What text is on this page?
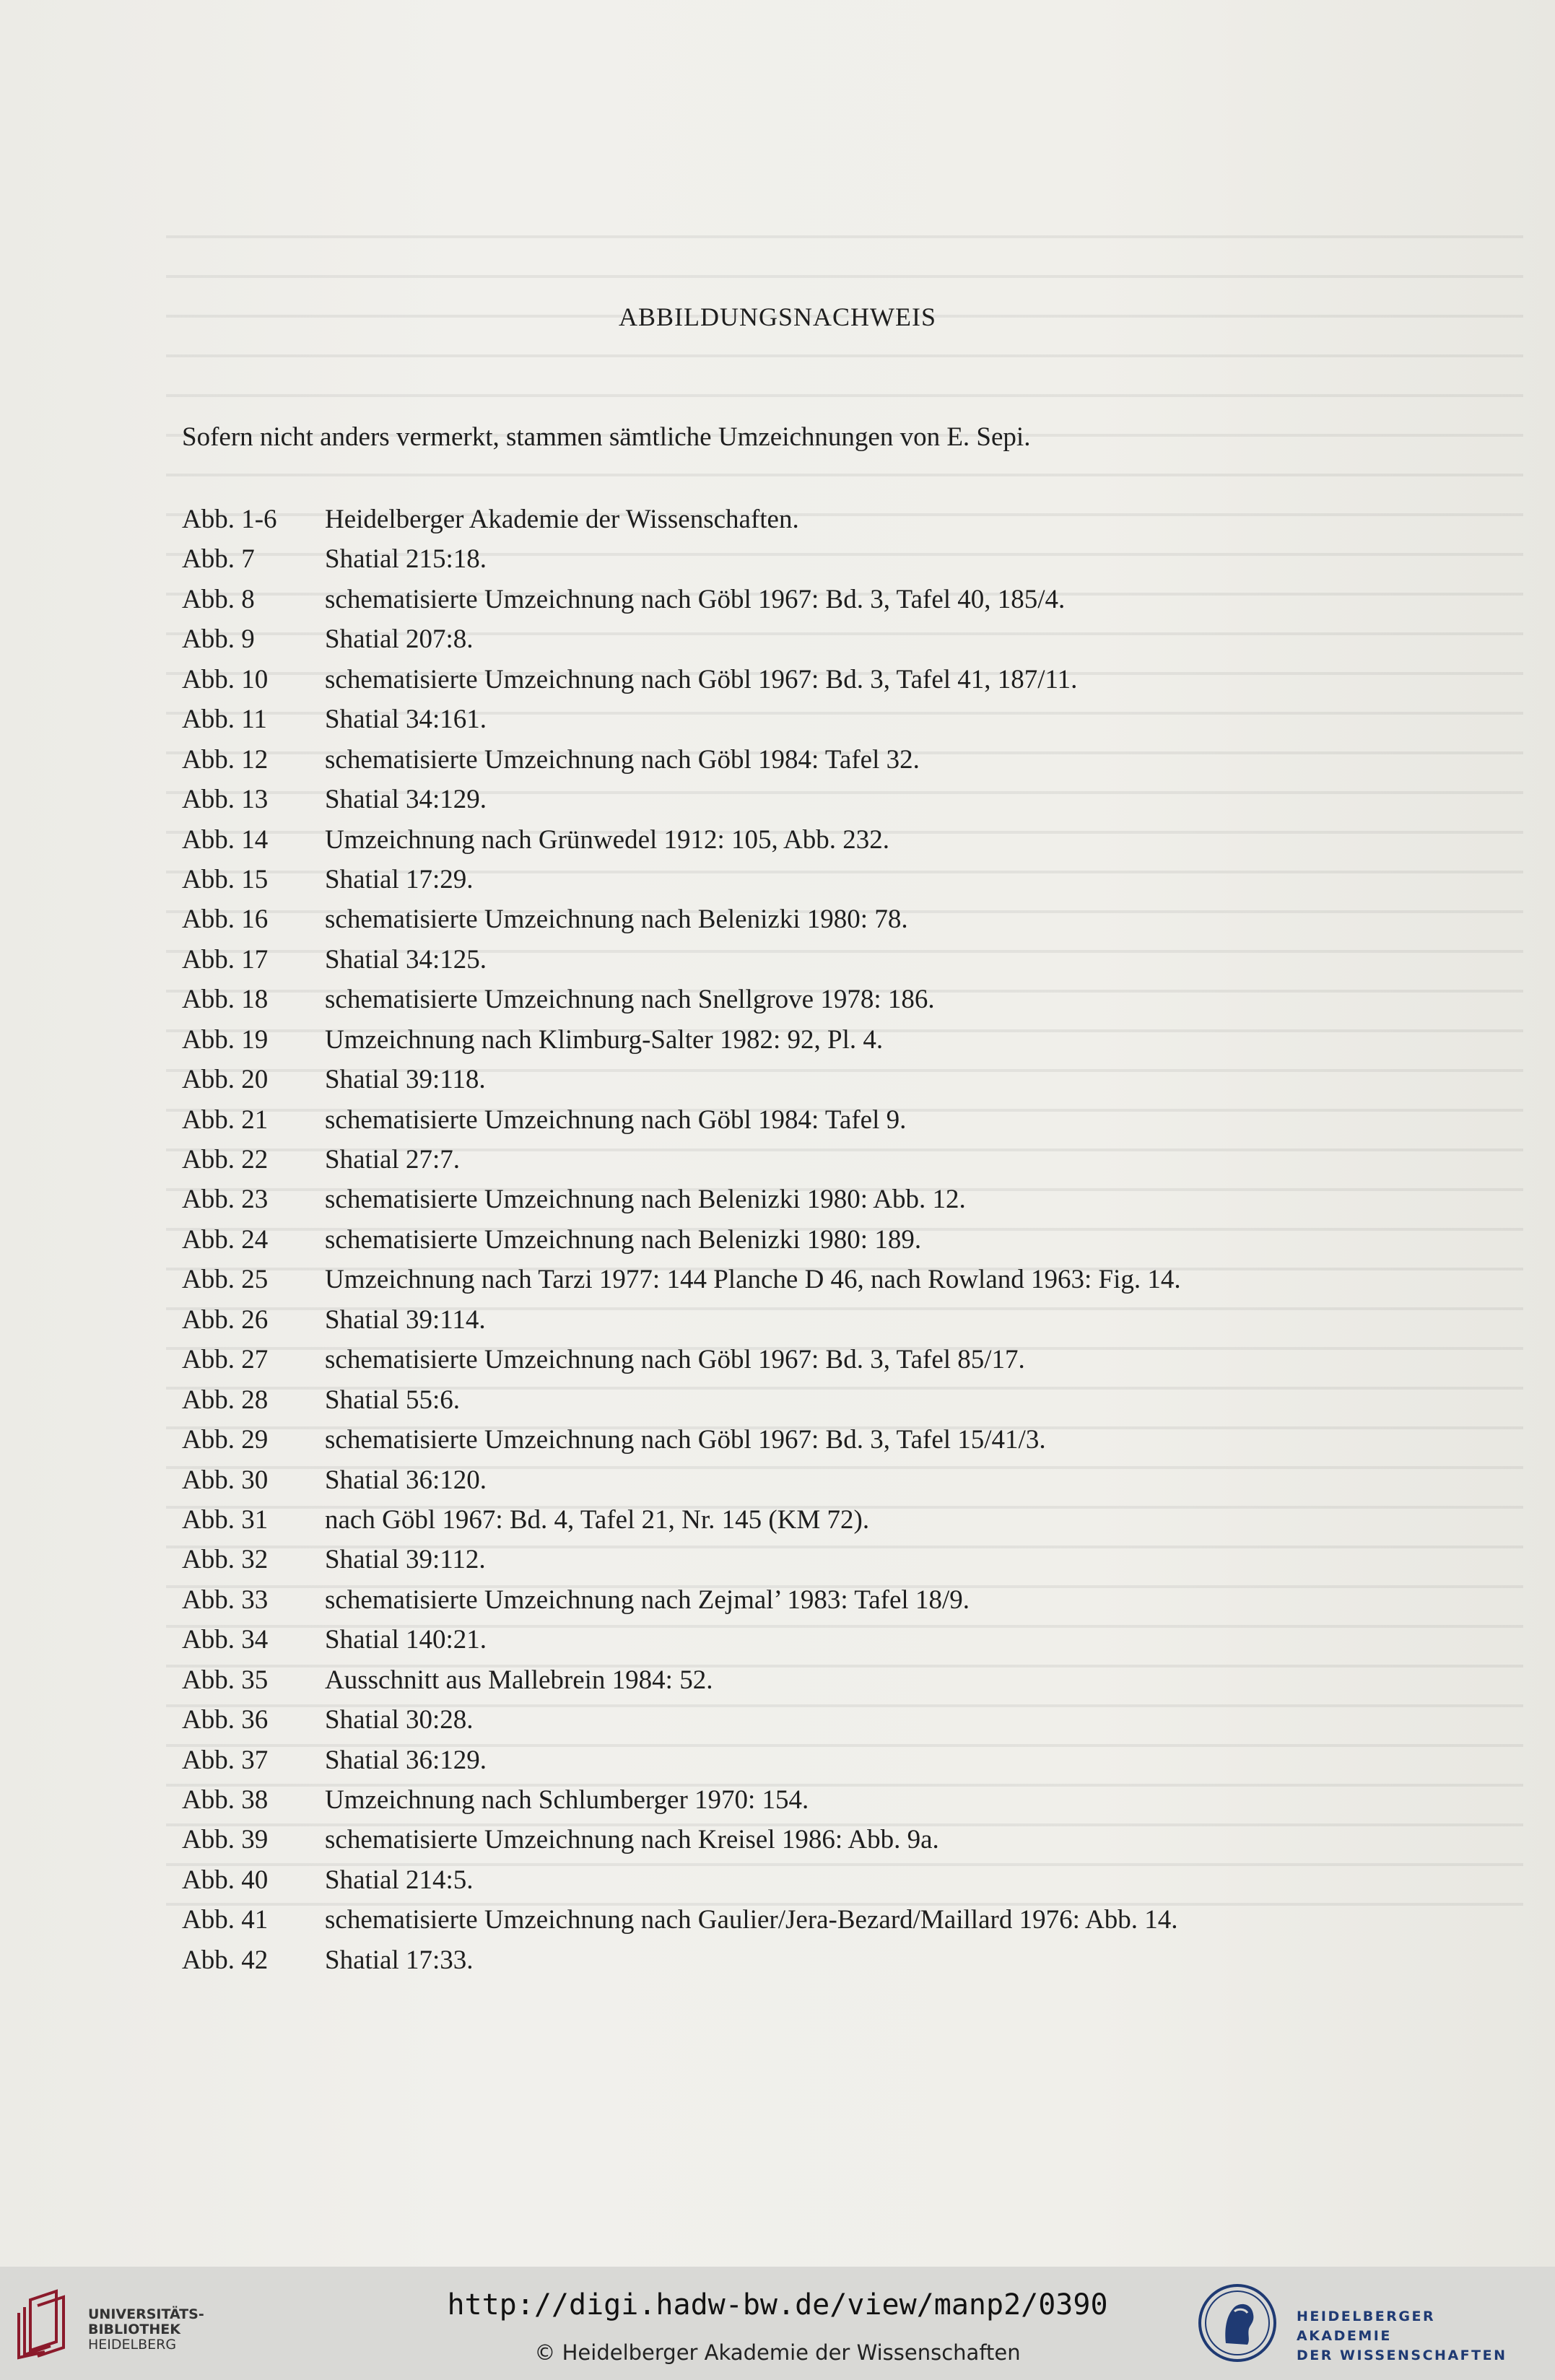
ABBILDUNGSNACHWEIS
Sofern nicht anders vermerkt, stammen sämtliche Umzeichnungen von E. Sepi.
Abb. 1-6	Heidelberger Akademie der Wissenschaften.
Abb. 7	Shatial 215:18.
Abb. 8	schematisierte Umzeichnung nach Göbl 1967: Bd. 3, Tafel 40, 185/4.
Abb. 9	Shatial 207:8.
Abb. 10	schematisierte Umzeichnung nach Göbl 1967: Bd. 3, Tafel 41, 187/11.
Abb. 11	Shatial 34:161.
Abb. 12	schematisierte Umzeichnung nach Göbl 1984: Tafel 32.
Abb. 13	Shatial 34:129.
Abb. 14	Umzeichnung nach Grünwedel 1912: 105, Abb. 232.
Abb. 15	Shatial 17:29.
Abb. 16	schematisierte Umzeichnung nach Belenizki 1980: 78.
Abb. 17	Shatial 34:125.
Abb. 18	schematisierte Umzeichnung nach Snellgrove 1978: 186.
Abb. 19	Umzeichnung nach Klimburg-Salter 1982: 92, Pl. 4.
Abb. 20	Shatial 39:118.
Abb. 21	schematisierte Umzeichnung nach Göbl 1984: Tafel 9.
Abb. 22	Shatial 27:7.
Abb. 23	schematisierte Umzeichnung nach Belenizki 1980: Abb. 12.
Abb. 24	schematisierte Umzeichnung nach Belenizki 1980: 189.
Abb. 25	Umzeichnung nach Tarzi 1977: 144 Planche D 46, nach Rowland 1963: Fig. 14.
Abb. 26	Shatial 39:114.
Abb. 27	schematisierte Umzeichnung nach Göbl 1967: Bd. 3, Tafel 85/17.
Abb. 28	Shatial 55:6.
Abb. 29	schematisierte Umzeichnung nach Göbl 1967: Bd. 3, Tafel 15/41/3.
Abb. 30	Shatial 36:120.
Abb. 31	nach Göbl 1967: Bd. 4, Tafel 21, Nr. 145 (KM 72).
Abb. 32	Shatial 39:112.
Abb. 33	schematisierte Umzeichnung nach Zejmal’ 1983: Tafel 18/9.
Abb. 34	Shatial 140:21.
Abb. 35	Ausschnitt aus Mallebrein 1984: 52.
Abb. 36	Shatial 30:28.
Abb. 37	Shatial 36:129.
Abb. 38	Umzeichnung nach Schlumberger 1970: 154.
Abb. 39	schematisierte Umzeichnung nach Kreisel 1986: Abb. 9a.
Abb. 40	Shatial 214:5.
Abb. 41	schematisierte Umzeichnung nach Gaulier/Jera-Bezard/Maillard 1976: Abb. 14.
Abb. 42	Shatial 17:33.
UNIVERSITÄTS-
BIBLIOTHEK
HEIDELBERG
http://digi.hadw-bw.de/view/manp2/0390
© Heidelberger Akademie der Wissenschaften
HEIDELBERGER AKADEMIE
DER WISSENSCHAFTEN
